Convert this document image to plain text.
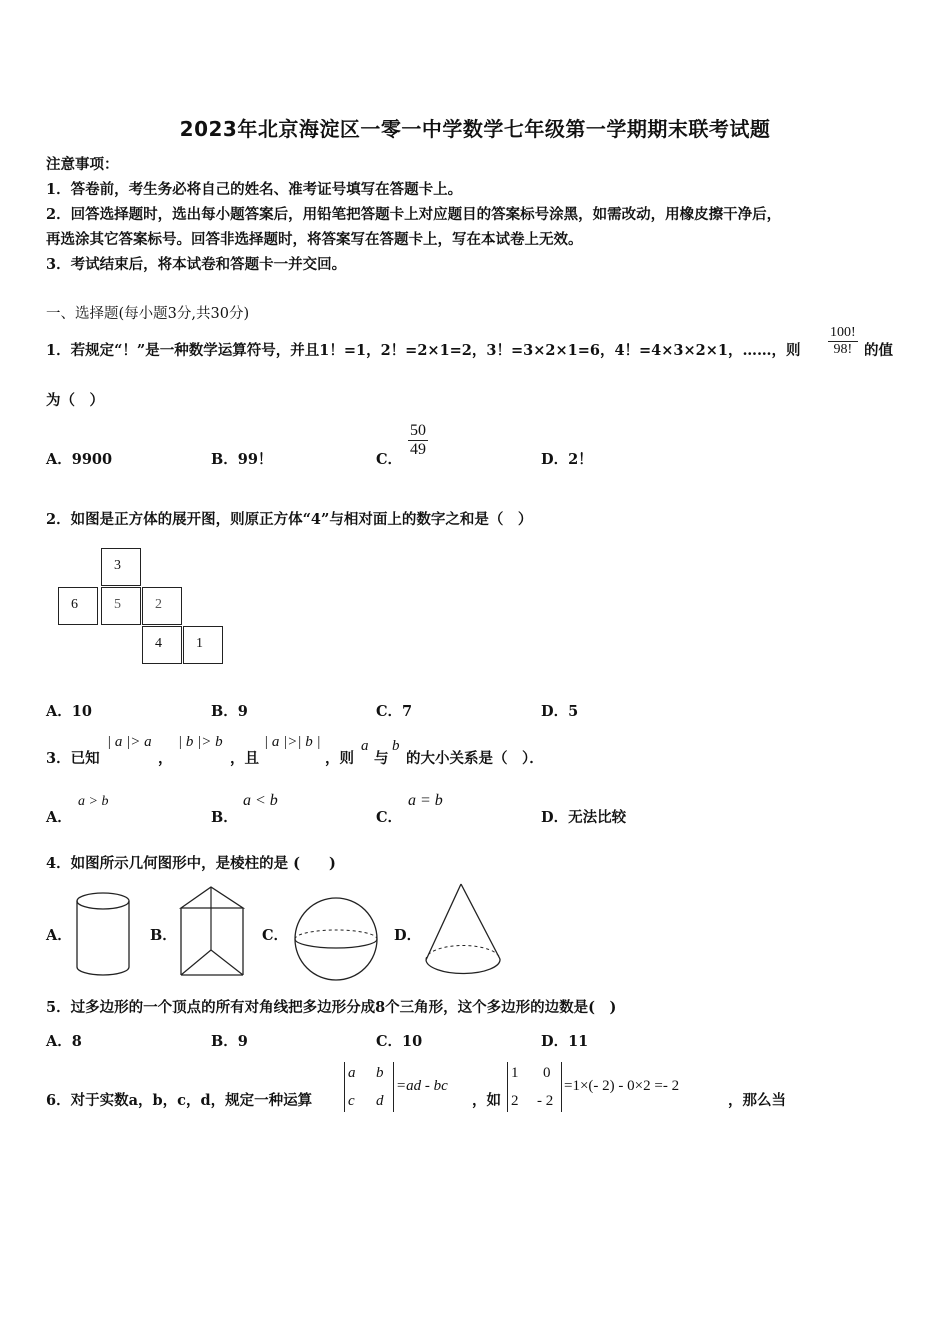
2023年北京海淀区一零一中学数学七年级第一学期期末联考试题
注意事项：
1．答卷前，考生务必将自己的姓名、准考证号填写在答题卡上。
2．回答选择题时，选出每小题答案后，用铅笔把答题卡上对应题目的答案标号涂黑，如需改动，用橡皮擦干净后，
再选涂其它答案标号。回答非选择题时，将答案写在答题卡上，写在本试卷上无效。
3．考试结束后，将本试卷和答题卡一并交回。
一、选择题(每小题3分,共30分)
1．若规定“！”是一种数学运算符号，并且1！=1，2！=2×1=2，3！=3×2×1=6，4！=4×3×2×1，……，则 $\frac{100!}{98!}$ 的值
为（　）
A．9900	B．99！	C． $\frac{50}{49}$	D．2！
2．如图是正方体的展开图，则原正方体“4”与相对面上的数字之和是（　）
3
6	5	2
4	1
A．10	B．9	C．7	D．5
3．已知
| a |> a
，
| b |> b
，且
| a |>| b |
，则
a
与
b
的大小关系是（　）．
A．
a > b
B．
a < b
C．
a = b
D．无法比较
4．如图所示几何图形中，是棱柱的是 (　　)
A．	B．	C．	D．
5．过多边形的一个顶点的所有对角线把多边形分成8个三角形，这个多边形的边数是(　)
A．8	B．9	C．10	D．11
6．对于实数a，b，c，d，规定一种运算
a b
c d
=ad - bc
，如
1 0
2 - 2
=1×(- 2) - 0×2 =- 2
，那么当
